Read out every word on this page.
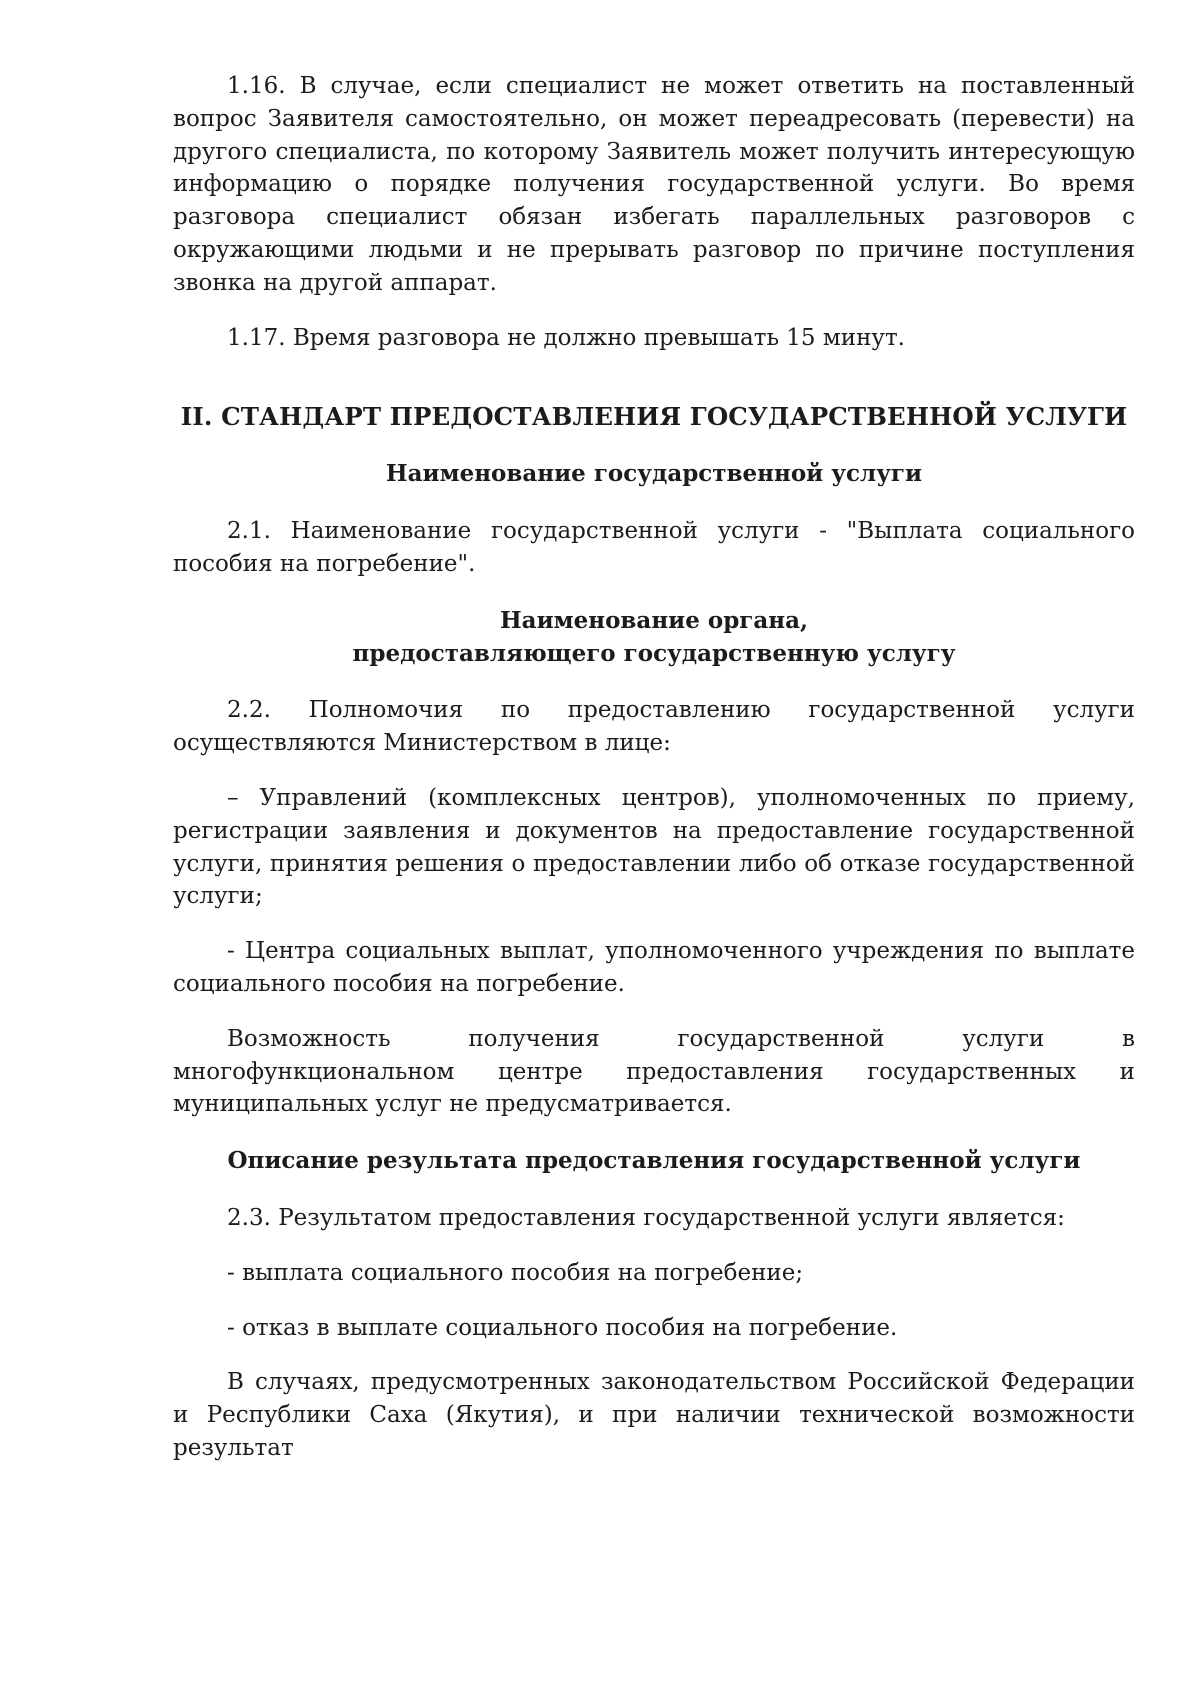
1.16. В случае, если специалист не может ответить на поставленный вопрос Заявителя самостоятельно, он может переадресовать (перевести) на другого специалиста, по которому Заявитель может получить интересующую информацию о порядке получения государственной услуги. Во время разговора специалист обязан избегать параллельных разговоров с окружающими людьми и не прерывать разговор по причине поступления звонка на другой аппарат.

1.17. Время разговора не должно превышать 15 минут.

II. СТАНДАРТ ПРЕДОСТАВЛЕНИЯ ГОСУДАРСТВЕННОЙ УСЛУГИ
Наименование государственной услуги

2.1. Наименование государственной услуги - "Выплата социального пособия на погребение".

Наименование органа,
предоставляющего государственную услугу

2.2. Полномочия по предоставлению государственной услуги осуществляются Министерством в лице:

– Управлений (комплексных центров), уполномоченных по приему, регистрации заявления и документов на предоставление государственной услуги, принятия решения о предоставлении либо об отказе государственной услуги;

- Центра социальных выплат, уполномоченного учреждения по выплате социального пособия на погребение.

Возможность получения государственной услуги в многофункциональном центре предоставления государственных и муниципальных услуг не предусматривается.

Описание результата предоставления государственной услуги

2.3. Результатом предоставления государственной услуги является:

- выплата социального пособия на погребение;

- отказ в выплате социального пособия на погребение.

В случаях, предусмотренных законодательством Российской Федерации и Республики Саха (Якутия), и при наличии технической возможности результат
